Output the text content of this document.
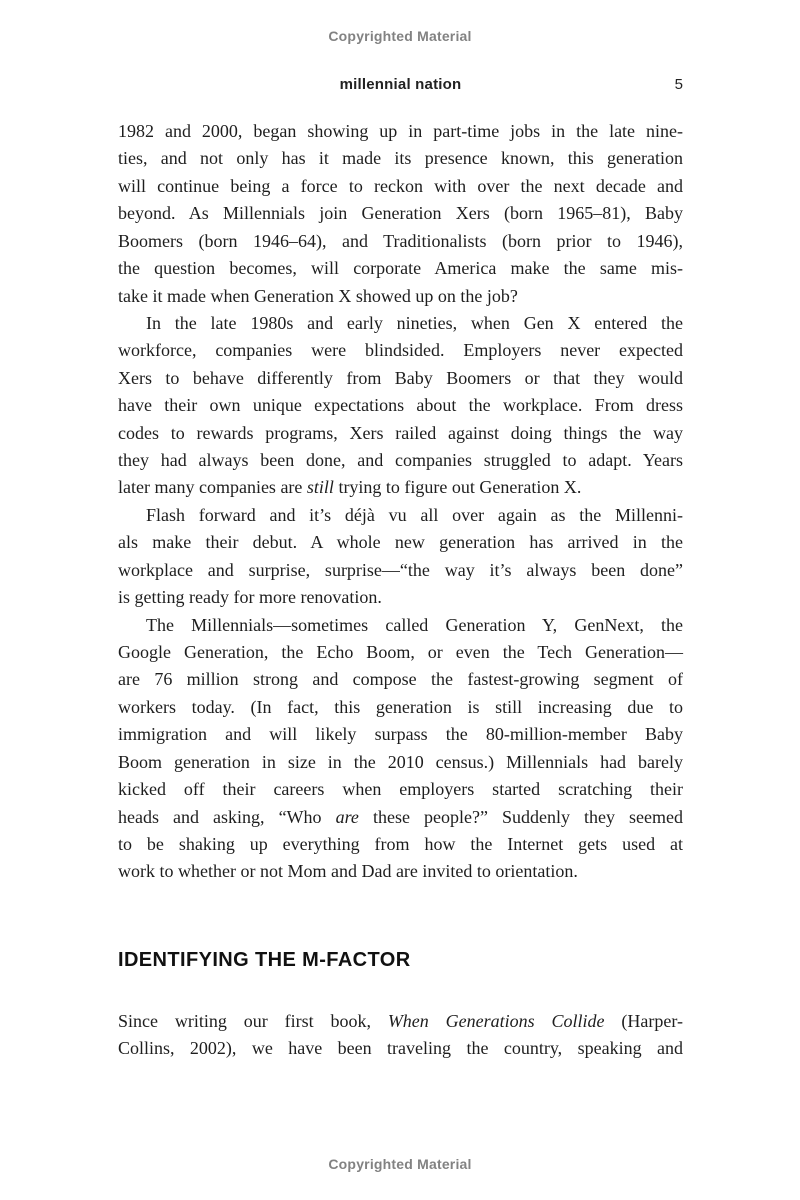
Copyrighted Material
millennial nation	5
1982 and 2000, began showing up in part-time jobs in the late nine-
ties, and not only has it made its presence known, this generation
will continue being a force to reckon with over the next decade and
beyond. As Millennials join Generation Xers (born 1965–81), Baby
Boomers (born 1946–64), and Traditionalists (born prior to 1946),
the question becomes, will corporate America make the same mis-
take it made when Generation X showed up on the job?
In the late 1980s and early nineties, when Gen X entered the
workforce, companies were blindsided. Employers never expected
Xers to behave differently from Baby Boomers or that they would
have their own unique expectations about the workplace. From dress
codes to rewards programs, Xers railed against doing things the way
they had always been done, and companies struggled to adapt. Years
later many companies are still trying to figure out Generation X.
Flash forward and it’s déjà vu all over again as the Millenni-
als make their debut. A whole new generation has arrived in the
workplace and surprise, surprise—“the way it’s always been done”
is getting ready for more renovation.
The Millennials—sometimes called Generation Y, GenNext, the
Google Generation, the Echo Boom, or even the Tech Generation—
are 76 million strong and compose the fastest-growing segment of
workers today. (In fact, this generation is still increasing due to
immigration and will likely surpass the 80-million-member Baby
Boom generation in size in the 2010 census.) Millennials had barely
kicked off their careers when employers started scratching their
heads and asking, “Who are these people?” Suddenly they seemed
to be shaking up everything from how the Internet gets used at
work to whether or not Mom and Dad are invited to orientation.
IDENTIFYING THE M-FACTOR
Since writing our first book, When Generations Collide (Harper-
Collins, 2002), we have been traveling the country, speaking and
Copyrighted Material
